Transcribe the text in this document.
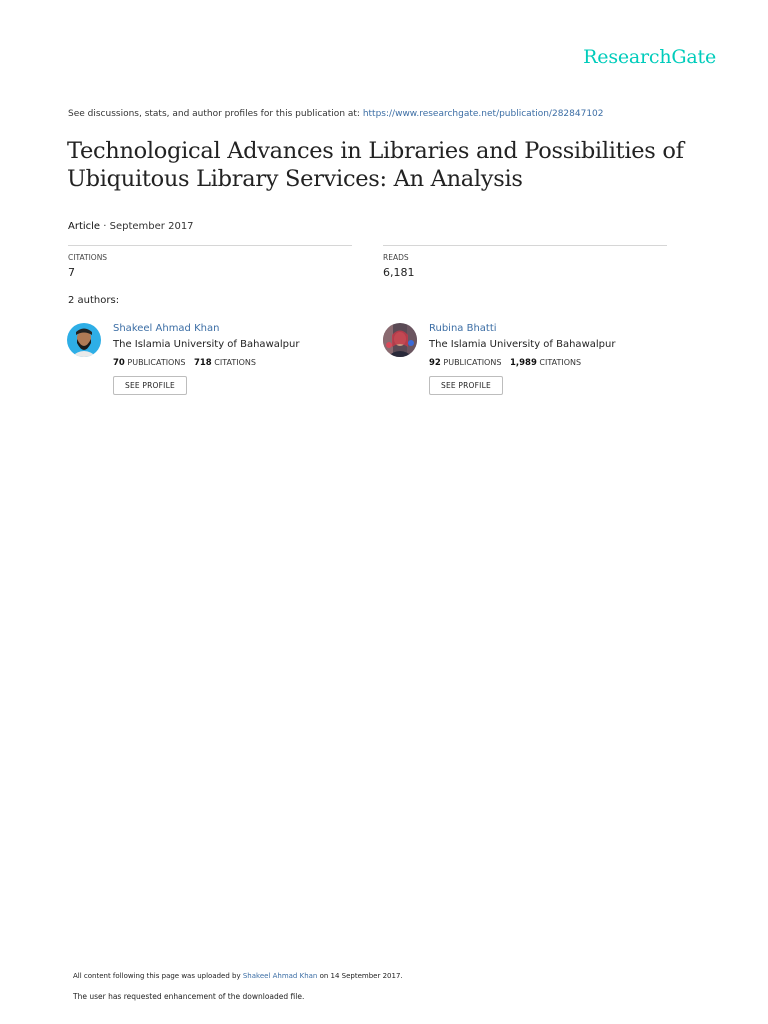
ResearchGate
See discussions, stats, and author profiles for this publication at: https://www.researchgate.net/publication/282847102
Technological Advances in Libraries and Possibilities of Ubiquitous Library Services: An Analysis
Article · September 2017
CITATIONS
7
READS
6,181
2 authors:
Shakeel Ahmad Khan
The Islamia University of Bahawalpur
70 PUBLICATIONS 718 CITATIONS
SEE PROFILE
Rubina Bhatti
The Islamia University of Bahawalpur
92 PUBLICATIONS 1,989 CITATIONS
SEE PROFILE
All content following this page was uploaded by Shakeel Ahmad Khan on 14 September 2017.
The user has requested enhancement of the downloaded file.
